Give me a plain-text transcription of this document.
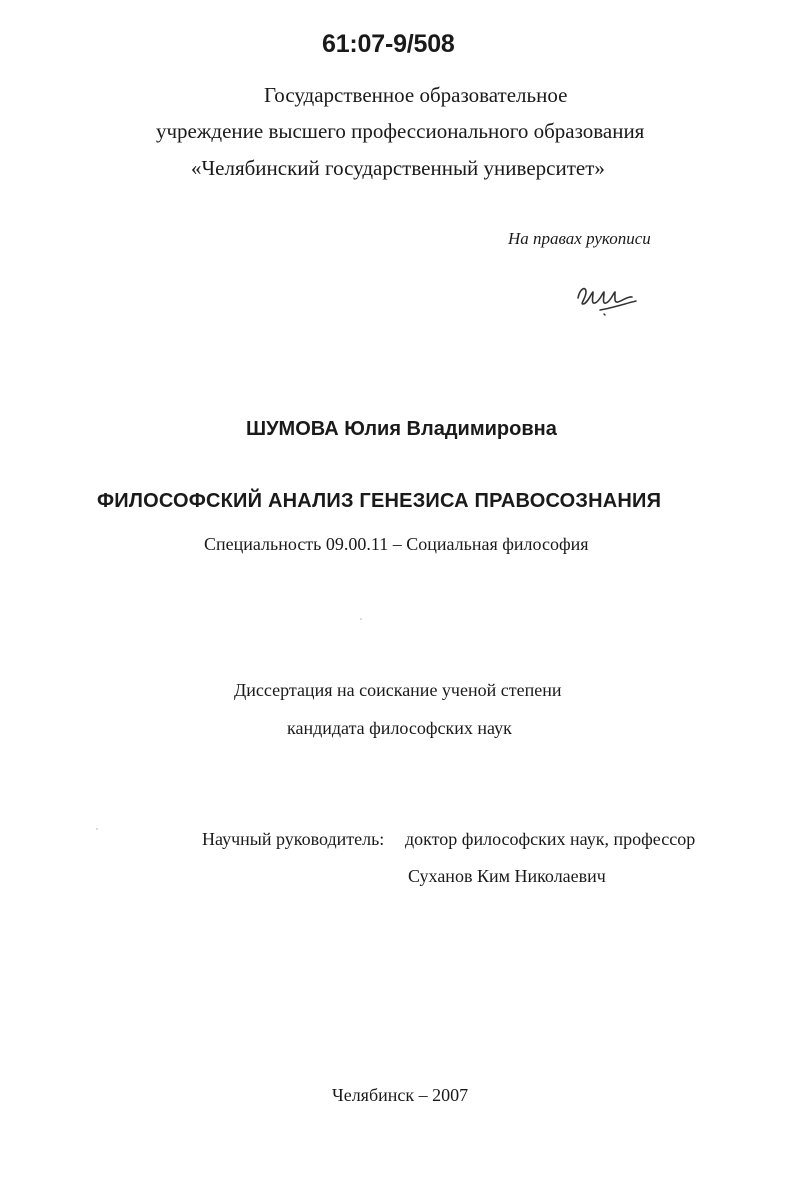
61:07-9/508
Государственное образовательное
учреждение высшего профессионального образования
«Челябинский государственный университет»
На правах рукописи
ШУМОВА Юлия Владимировна
ФИЛОСОФСКИЙ АНАЛИЗ ГЕНЕЗИСА ПРАВОСОЗНАНИЯ
Специальность 09.00.11 – Социальная философия
Диссертация на соискание ученой степени
кандидата философских наук
Научный руководитель: доктор философских наук, профессор
Суханов Ким Николаевич
Челябинск – 2007
